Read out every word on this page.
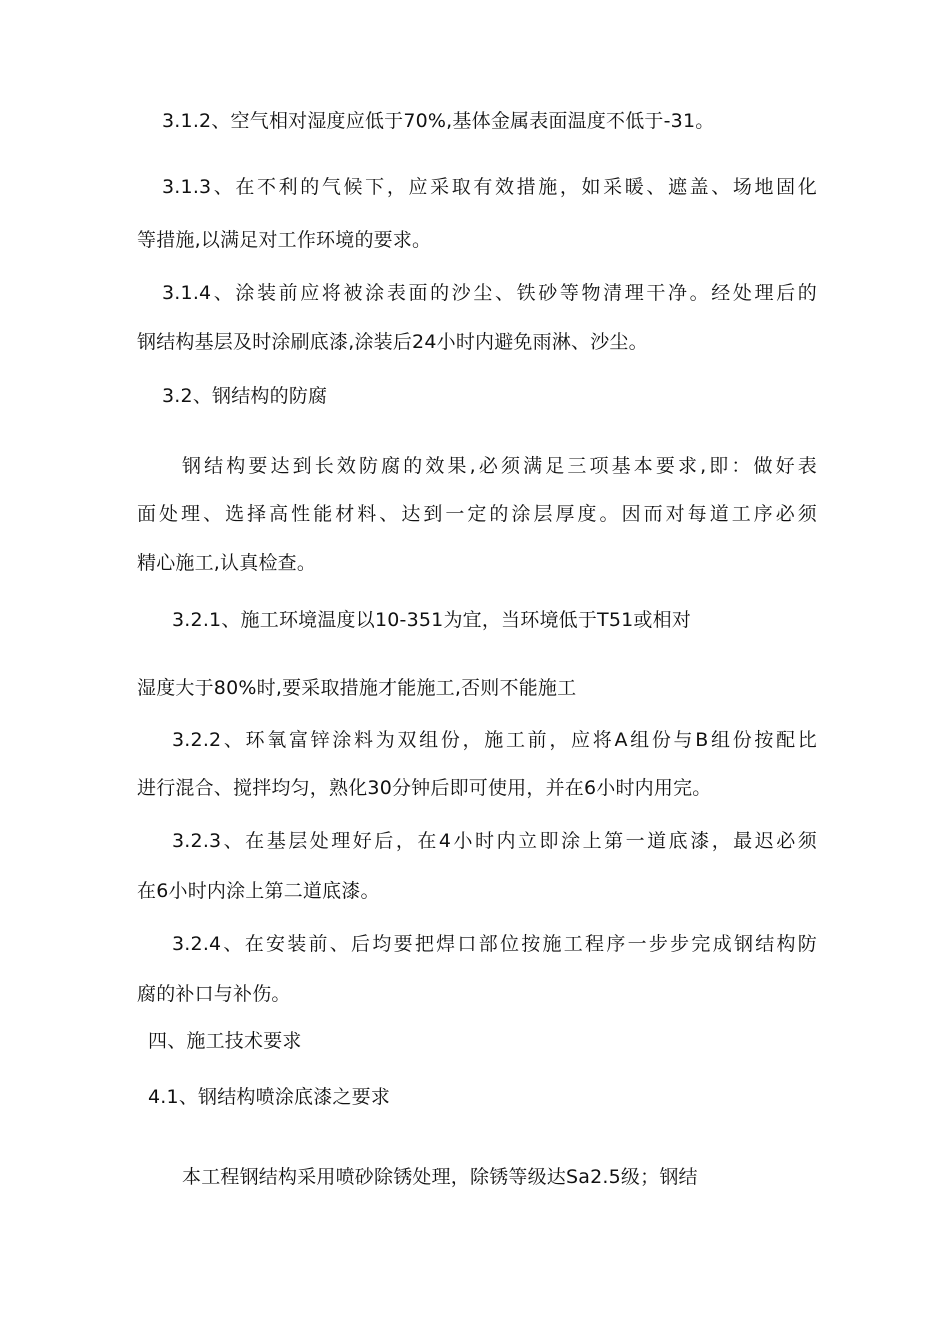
3.1.2、空气相对湿度应低于70%,基体金属表面温度不低于-31。
3.1.3、在不利的气候下，应采取有效措施，如采暖、遮盖、场地固化
等措施,以满足对工作环境的要求。
3.1.4、涂装前应将被涂表面的沙尘、铁砂等物清理干净。经处理后的
钢结构基层及时涂刷底漆,涂装后24小时内避免雨淋、沙尘。
3.2、钢结构的防腐
钢结构要达到长效防腐的效果,必须满足三项基本要求,即：做好表
面处理、选择高性能材料、达到一定的涂层厚度。因而对每道工序必须
精心施工,认真检查。
3.2.1、施工环境温度以10-351为宜，当环境低于T51或相对
湿度大于80%时,要采取措施才能施工,否则不能施工
3.2.2、环氧富锌涂料为双组份，施工前，应将A组份与B组份按配比
进行混合、搅拌均匀，熟化30分钟后即可使用，并在6小时内用完。
3.2.3、在基层处理好后，在4小时内立即涂上第一道底漆，最迟必须
在6小时内涂上第二道底漆。
3.2.4、在安装前、后均要把焊口部位按施工程序一步步完成钢结构防
腐的补口与补伤。
四、施工技术要求
4.1、钢结构喷涂底漆之要求
本工程钢结构采用喷砂除锈处理，除锈等级达Sa2.5级；钢结
